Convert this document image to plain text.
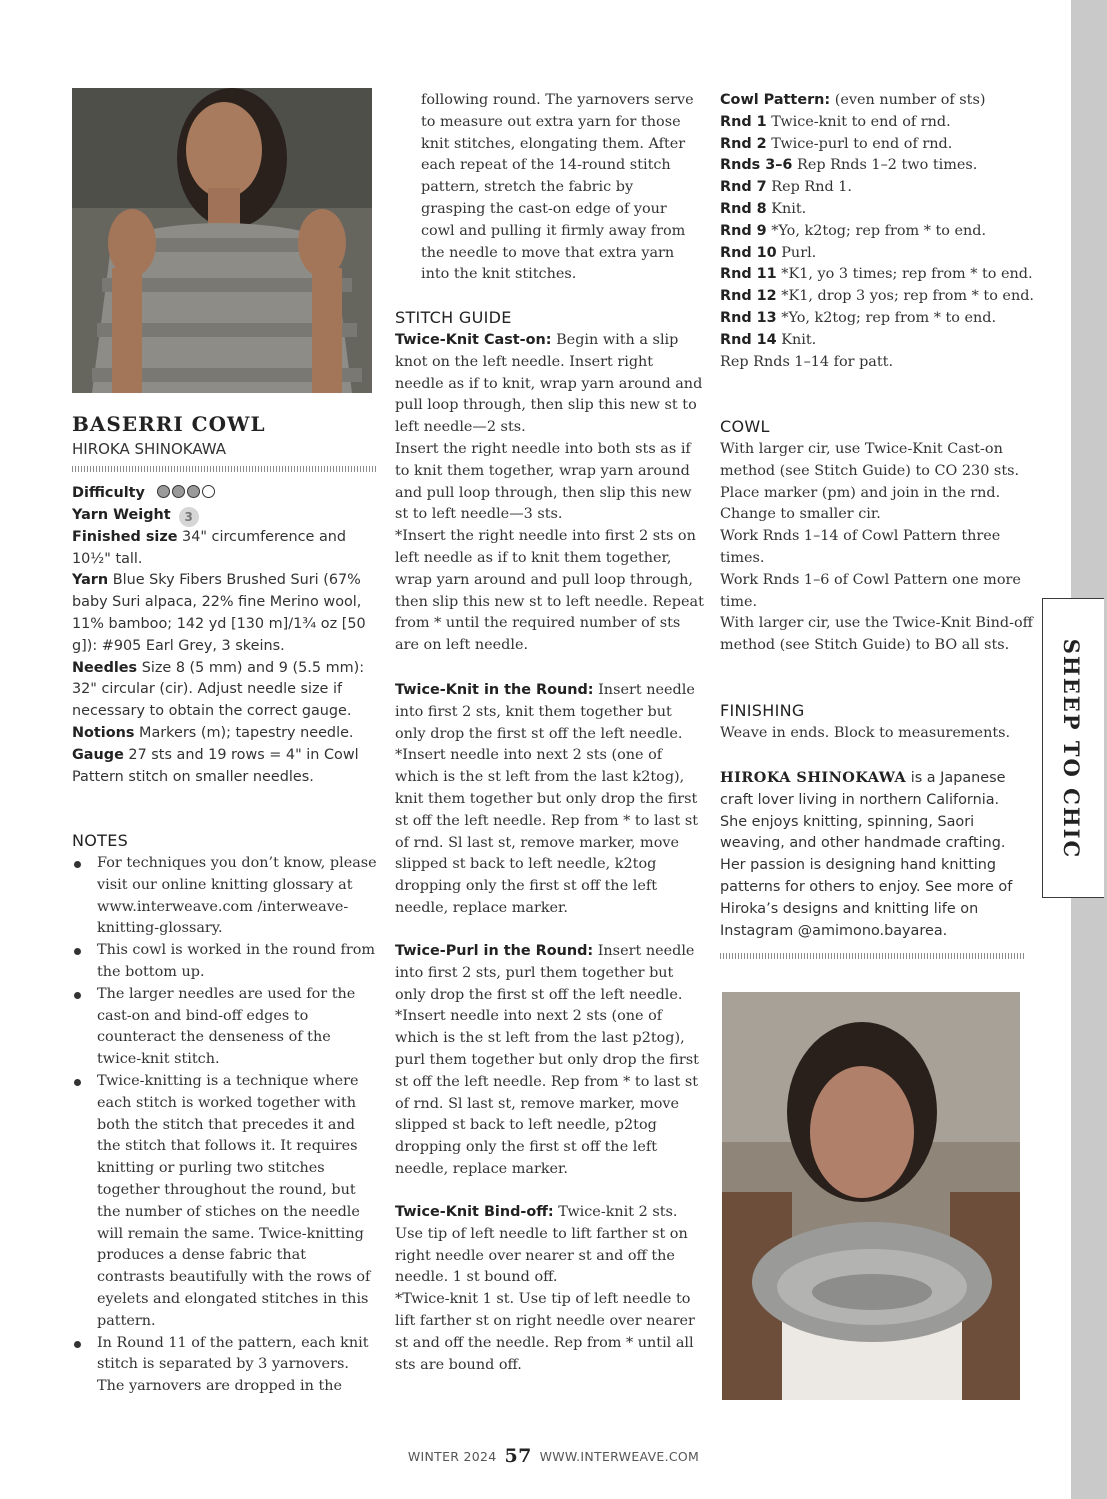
SHEEP TO CHIC
BASERRI COWL
HIROKA SHINOKAWA

Difficulty

Yarn Weight 3

Finished size 34" circumference and 10½" tall.

Yarn Blue Sky Fibers Brushed Suri (67% baby Suri alpaca, 22% fine Merino wool, 11% bamboo; 142 yd [130 m]/1¾ oz [50 g]): #905 Earl Grey, 3 skeins.

Needles Size 8 (5 mm) and 9 (5.5 mm): 32" circular (cir). Adjust needle size if necessary to obtain the correct gauge.

Notions Markers (m); tapestry needle.

Gauge 27 sts and 19 rows = 4" in Cowl Pattern stitch on smaller needles.

NOTES
For techniques you don’t know, please visit our online knitting glossary at www.interweave.com /interweave-knitting-glossary.
This cowl is worked in the round from the bottom up.
The larger needles are used for the cast-on and bind-off edges to counteract the denseness of the twice-knit stitch.
Twice-knitting is a technique where each stitch is worked together with both the stitch that precedes it and the stitch that follows it. It requires knitting or purling two stitches together throughout the round, but the number of stiches on the needle will remain the same. Twice-knitting produces a dense fabric that contrasts beautifully with the rows of eyelets and elongated stitches in this pattern.
In Round 11 of the pattern, each knit stitch is separated by 3 yarnovers. The yarnovers are dropped in the

following round. The yarnovers serve to measure out extra yarn for those knit stitches, elongating them. After each repeat of the 14-round stitch pattern, stretch the fabric by grasping the cast-on edge of your cowl and pulling it firmly away from the needle to move that extra yarn into the knit stitches.

STITCH GUIDE

Twice-Knit Cast-on: Begin with a slip knot on the left needle. Insert right needle as if to knit, wrap yarn around and pull loop through, then slip this new st to left needle—2 sts.

Insert the right needle into both sts as if to knit them together, wrap yarn around and pull loop through, then slip this new st to left needle—3 sts.

*Insert the right needle into first 2 sts on left needle as if to knit them together, wrap yarn around and pull loop through, then slip this new st to left needle. Repeat from * until the required number of sts are on left needle.

Twice-Knit in the Round: Insert needle into first 2 sts, knit them together but only drop the first st off the left needle. *Insert needle into next 2 sts (one of which is the st left from the last k2tog), knit them together but only drop the first st off the left needle. Rep from * to last st of rnd. Sl last st, remove marker, move slipped st back to left needle, k2tog dropping only the first st off the left needle, replace marker.

Twice-Purl in the Round: Insert needle into first 2 sts, purl them together but only drop the first st off the left needle. *Insert needle into next 2 sts (one of which is the st left from the last p2tog), purl them together but only drop the first st off the left needle. Rep from * to last st of rnd. Sl last st, remove marker, move slipped st back to left needle, p2tog dropping only the first st off the left needle, replace marker.

Twice-Knit Bind-off: Twice-knit 2 sts. Use tip of left needle to lift farther st on right needle over nearer st and off the needle. 1 st bound off.

*Twice-knit 1 st. Use tip of left needle to lift farther st on right needle over nearer st and off the needle. Rep from * until all sts are bound off.

Cowl Pattern: (even number of sts)

Rnd 1 Twice-knit to end of rnd.

Rnd 2 Twice-purl to end of rnd.

Rnds 3–6 Rep Rnds 1–2 two times.

Rnd 7 Rep Rnd 1.

Rnd 8 Knit.

Rnd 9 *Yo, k2tog; rep from * to end.

Rnd 10 Purl.

Rnd 11 *K1, yo 3 times; rep from * to end.

Rnd 12 *K1, drop 3 yos; rep from * to end.

Rnd 13 *Yo, k2tog; rep from * to end.

Rnd 14 Knit.

Rep Rnds 1–14 for patt.

COWL

With larger cir, use Twice-Knit Cast-on method (see Stitch Guide) to CO 230 sts. Place marker (pm) and join in the rnd. Change to smaller cir.

Work Rnds 1–14 of Cowl Pattern three times.

Work Rnds 1–6 of Cowl Pattern one more time.

With larger cir, use the Twice-Knit Bind-off method (see Stitch Guide) to BO all sts.

FINISHING

Weave in ends. Block to measurements.

HIROKA SHINOKAWA is a Japanese craft lover living in northern California. She enjoys knitting, spinning, Saori weaving, and other handmade crafting. Her passion is designing hand knitting patterns for others to enjoy. See more of Hiroka’s designs and knitting life on Instagram @amimono.bayarea.

WINTER 2024 57 WWW.INTERWEAVE.COM
